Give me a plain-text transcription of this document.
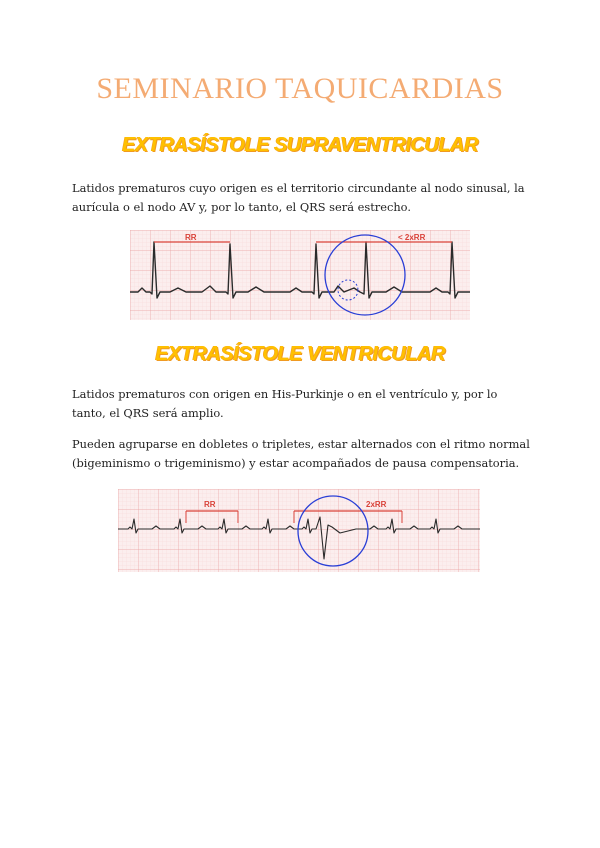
SEMINARIO TAQUICARDIAS
EXTRASÍSTOLE SUPRAVENTRICULAR
Latidos prematuros cuyo origen es el territorio circundante al nodo sinusal, la aurícula o el nodo AV y, por lo tanto, el QRS será estrecho.
RR	< 2xRR
EXTRASÍSTOLE VENTRICULAR
Latidos prematuros con origen en His-Purkinje o en el ventrículo y, por lo tanto, el QRS será amplio.
Pueden agruparse en dobletes o tripletes, estar alternados con el ritmo normal (bigeminismo o trigeminismo) y estar acompañados de pausa compensatoria.
RR	2xRR
